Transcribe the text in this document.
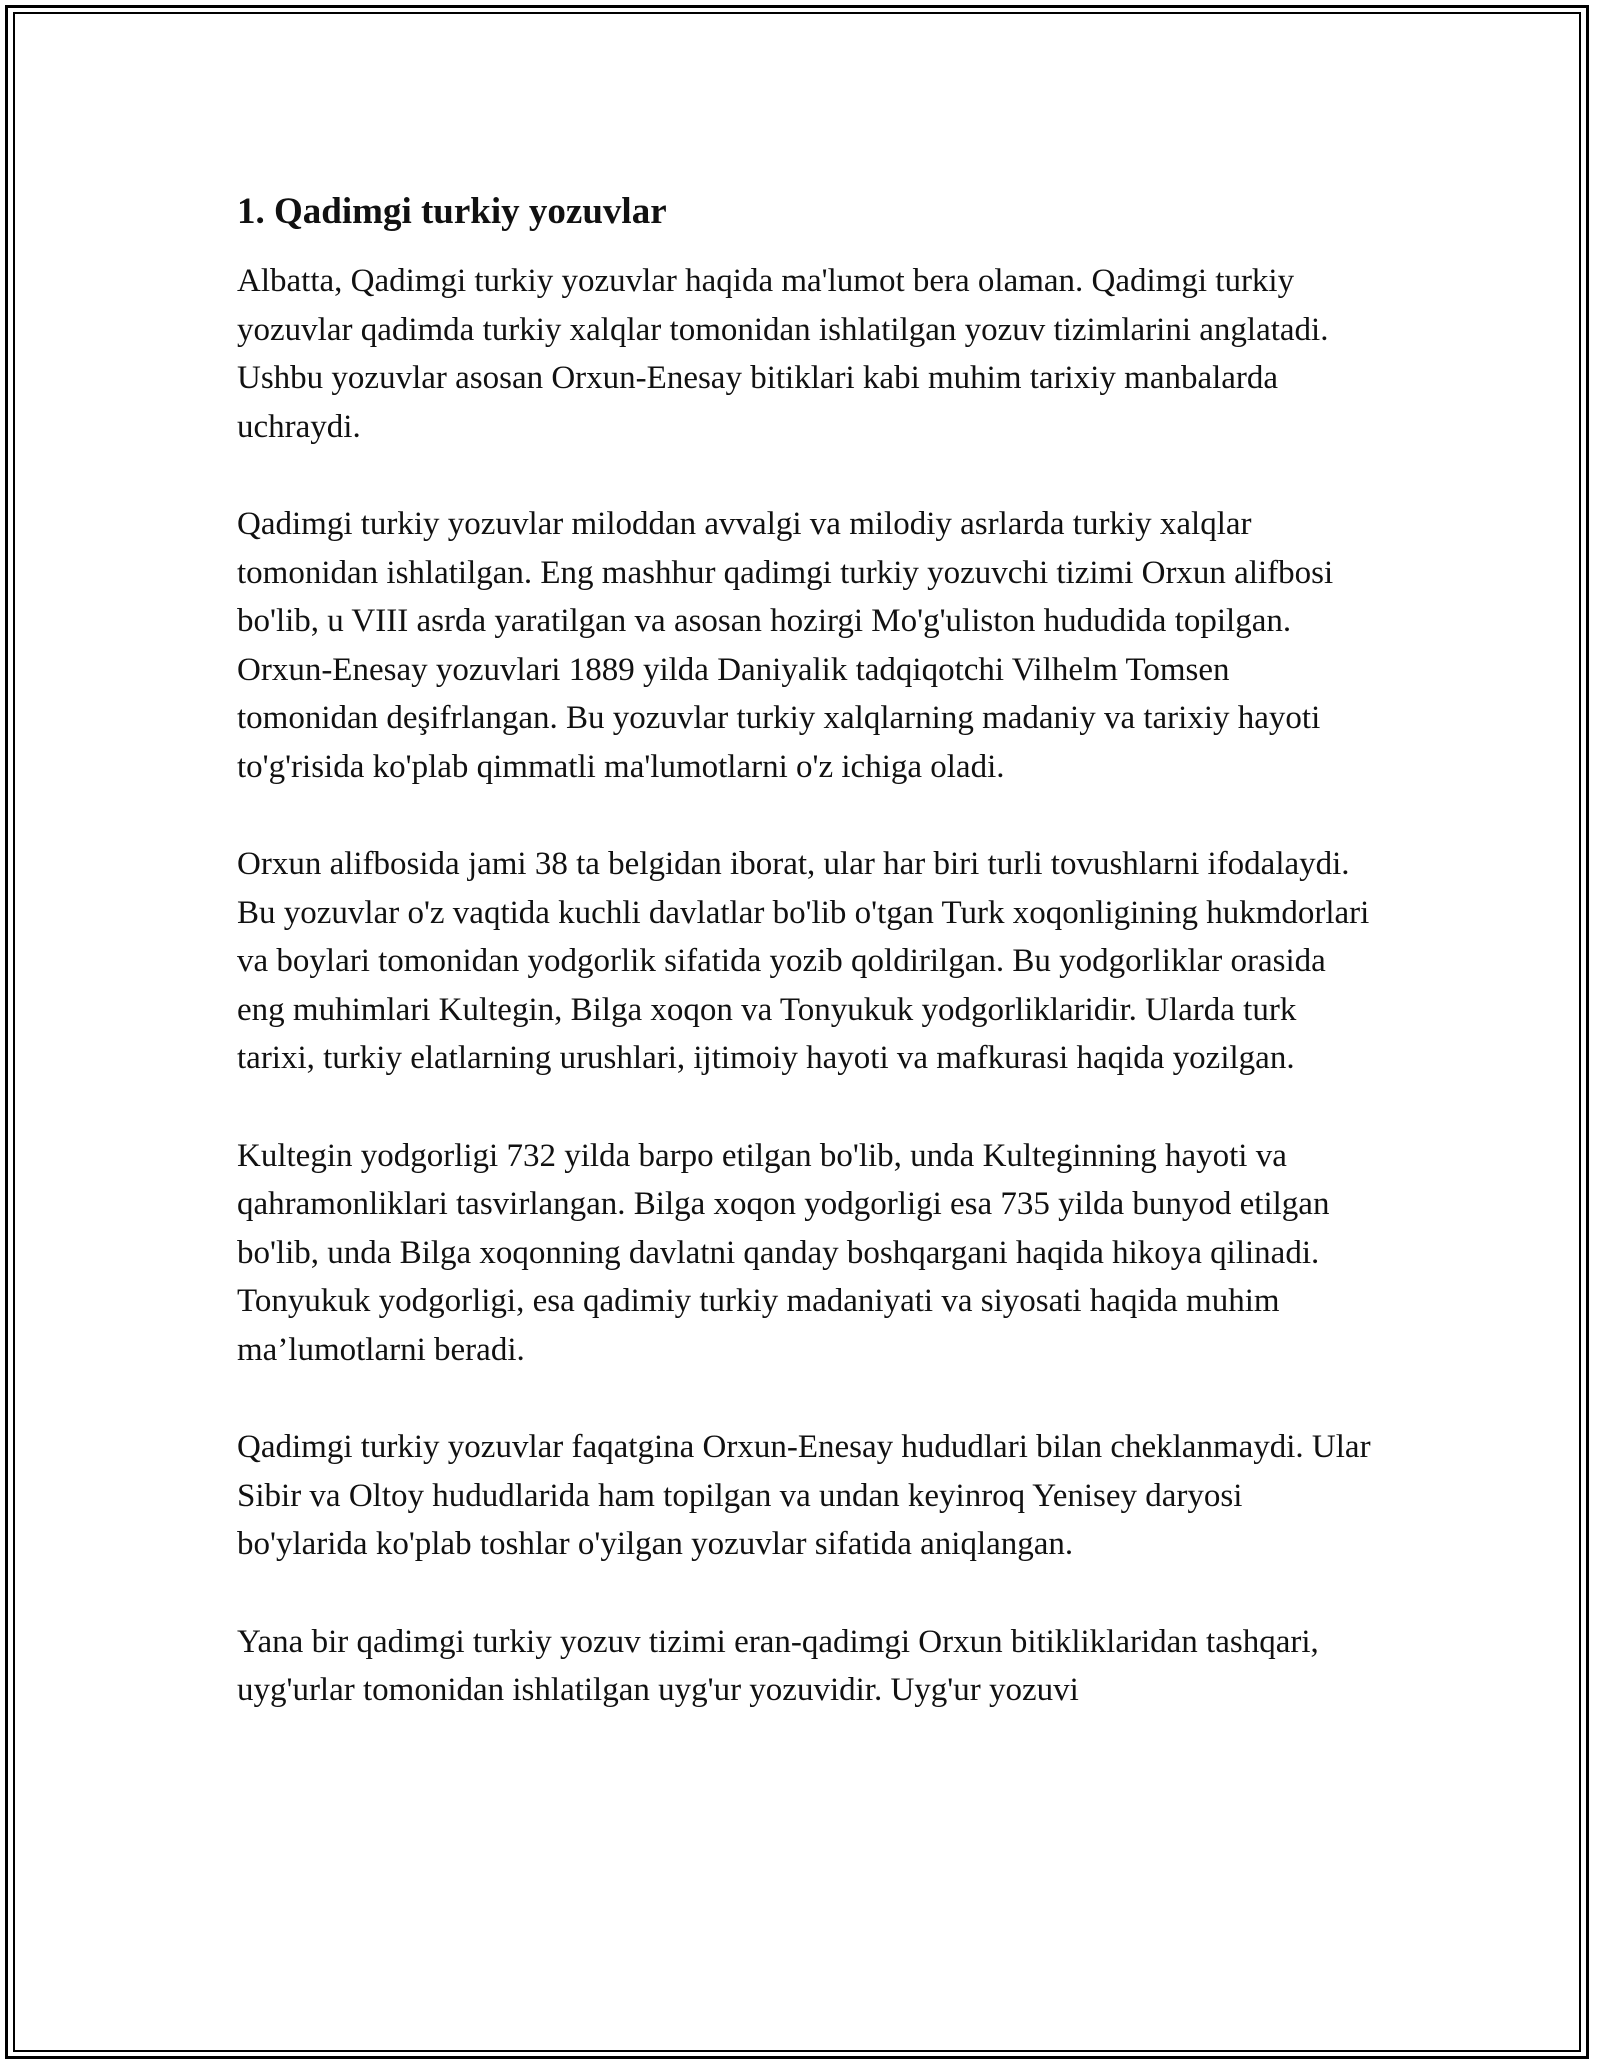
1. Qadimgi turkiy yozuvlar

Albatta, Qadimgi turkiy yozuvlar haqida ma'lumot bera olaman. Qadimgi turkiy yozuvlar qadimda turkiy xalqlar tomonidan ishlatilgan yozuv tizimlarini anglatadi. Ushbu yozuvlar asosan Orxun-Enesay bitiklari kabi muhim tarixiy manbalarda uchraydi.

Qadimgi turkiy yozuvlar miloddan avvalgi va milodiy asrlarda turkiy xalqlar tomonidan ishlatilgan. Eng mashhur qadimgi turkiy yozuvchi tizimi Orxun alifbosi bo'lib, u VIII asrda yaratilgan va asosan hozirgi Mo'g'uliston hududida topilgan. Orxun-Enesay yozuvlari 1889 yilda Daniyalik tadqiqotchi Vilhelm Tomsen tomonidan deşifrlangan. Bu yozuvlar turkiy xalqlarning madaniy va tarixiy hayoti to'g'risida ko'plab qimmatli ma'lumotlarni o'z ichiga oladi.

Orxun alifbosida jami 38 ta belgidan iborat, ular har biri turli tovushlarni ifodalaydi. Bu yozuvlar o'z vaqtida kuchli davlatlar bo'lib o'tgan Turk xoqonligining hukmdorlari va boylari tomonidan yodgorlik sifatida yozib qoldirilgan. Bu yodgorliklar orasida eng muhimlari Kultegin, Bilga xoqon va Tonyukuk yodgorliklaridir. Ularda turk tarixi, turkiy elatlarning urushlari, ijtimoiy hayoti va mafkurasi haqida yozilgan.

Kultegin yodgorligi 732 yilda barpo etilgan bo'lib, unda Kulteginning hayoti va qahramonliklari tasvirlangan. Bilga xoqon yodgorligi esa 735 yilda bunyod etilgan bo'lib, unda Bilga xoqonning davlatni qanday boshqargani haqida hikoya qilinadi. Tonyukuk yodgorligi, esa qadimiy turkiy madaniyati va siyosati haqida muhim ma’lumotlarni beradi.

Qadimgi turkiy yozuvlar faqatgina Orxun-Enesay hududlari bilan cheklanmaydi. Ular Sibir va Oltoy hududlarida ham topilgan va undan keyinroq Yenisey daryosi bo'ylarida ko'plab toshlar o'yilgan yozuvlar sifatida aniqlangan.

Yana bir qadimgi turkiy yozuv tizimi eran-qadimgi Orxun bitikliklaridan tashqari, uyg'urlar tomonidan ishlatilgan uyg'ur yozuvidir. Uyg'ur yozuvi
